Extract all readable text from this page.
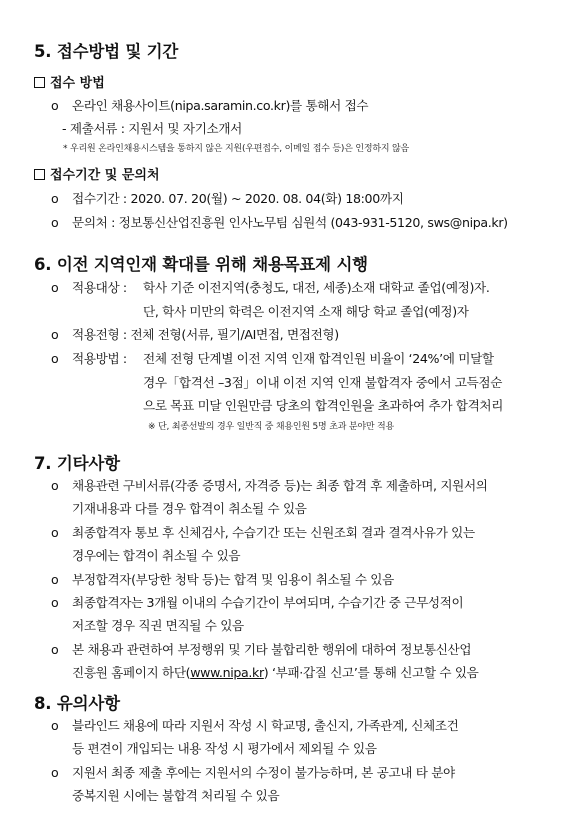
5. 접수방법 및 기간
접수 방법
o 온라인 채용사이트(nipa.saramin.co.kr)를 통해서 접수
- 제출서류 : 지원서 및 자기소개서
* 우리원 온라인채용시스템을 통하지 않은 지원(우편접수, 이메일 접수 등)은 인정하지 않음
접수기간 및 문의처
o 접수기간 : 2020. 07. 20(월) ~ 2020. 08. 04(화) 18:00까지
o 문의처 : 정보통신산업진흥원 인사노무팀 심원석 (043-931-5120, sws@nipa.kr)
6. 이전 지역인재 확대를 위해 채용목표제 시행
o 적용대상 : 학사 기준 이전지역(충청도, 대전, 세종)소재 대학교 졸업(예정)자.
단, 학사 미만의 학력은 이전지역 소재 해당 학교 졸업(예정)자
o 적용전형 : 전체 전형(서류, 필기/AI면접, 면접전형)
o 적용방법 : 전체 전형 단계별 이전 지역 인재 합격인원 비율이 ‘24%’에 미달할
경우「합격선 –3점」이내 이전 지역 인재 불합격자 중에서 고득점순
으로 목표 미달 인원만큼 당초의 합격인원을 초과하여 추가 합격처리
※ 단, 최종선발의 경우 일반직 중 채용인원 5명 초과 분야만 적용
7. 기타사항
o 채용관련 구비서류(각종 증명서, 자격증 등)는 최종 합격 후 제출하며, 지원서의
기재내용과 다를 경우 합격이 취소될 수 있음
o 최종합격자 통보 후 신체검사, 수습기간 또는 신원조회 결과 결격사유가 있는
경우에는 합격이 취소될 수 있음
o 부정합격자(부당한 청탁 등)는 합격 및 임용이 취소될 수 있음
o 최종합격자는 3개월 이내의 수습기간이 부여되며, 수습기간 중 근무성적이
저조할 경우 직권 면직될 수 있음
o 본 채용과 관련하여 부정행위 및 기타 불합리한 행위에 대하여 정보통신산업
진흥원 홈페이지 하단(www.nipa.kr) ‘부패·갑질 신고’를 통해 신고할 수 있음
8. 유의사항
o 블라인드 채용에 따라 지원서 작성 시 학교명, 출신지, 가족관계, 신체조건
등 편견이 개입되는 내용 작성 시 평가에서 제외될 수 있음
o 지원서 최종 제출 후에는 지원서의 수정이 불가능하며, 본 공고내 타 분야
중복지원 시에는 불합격 처리될 수 있음
